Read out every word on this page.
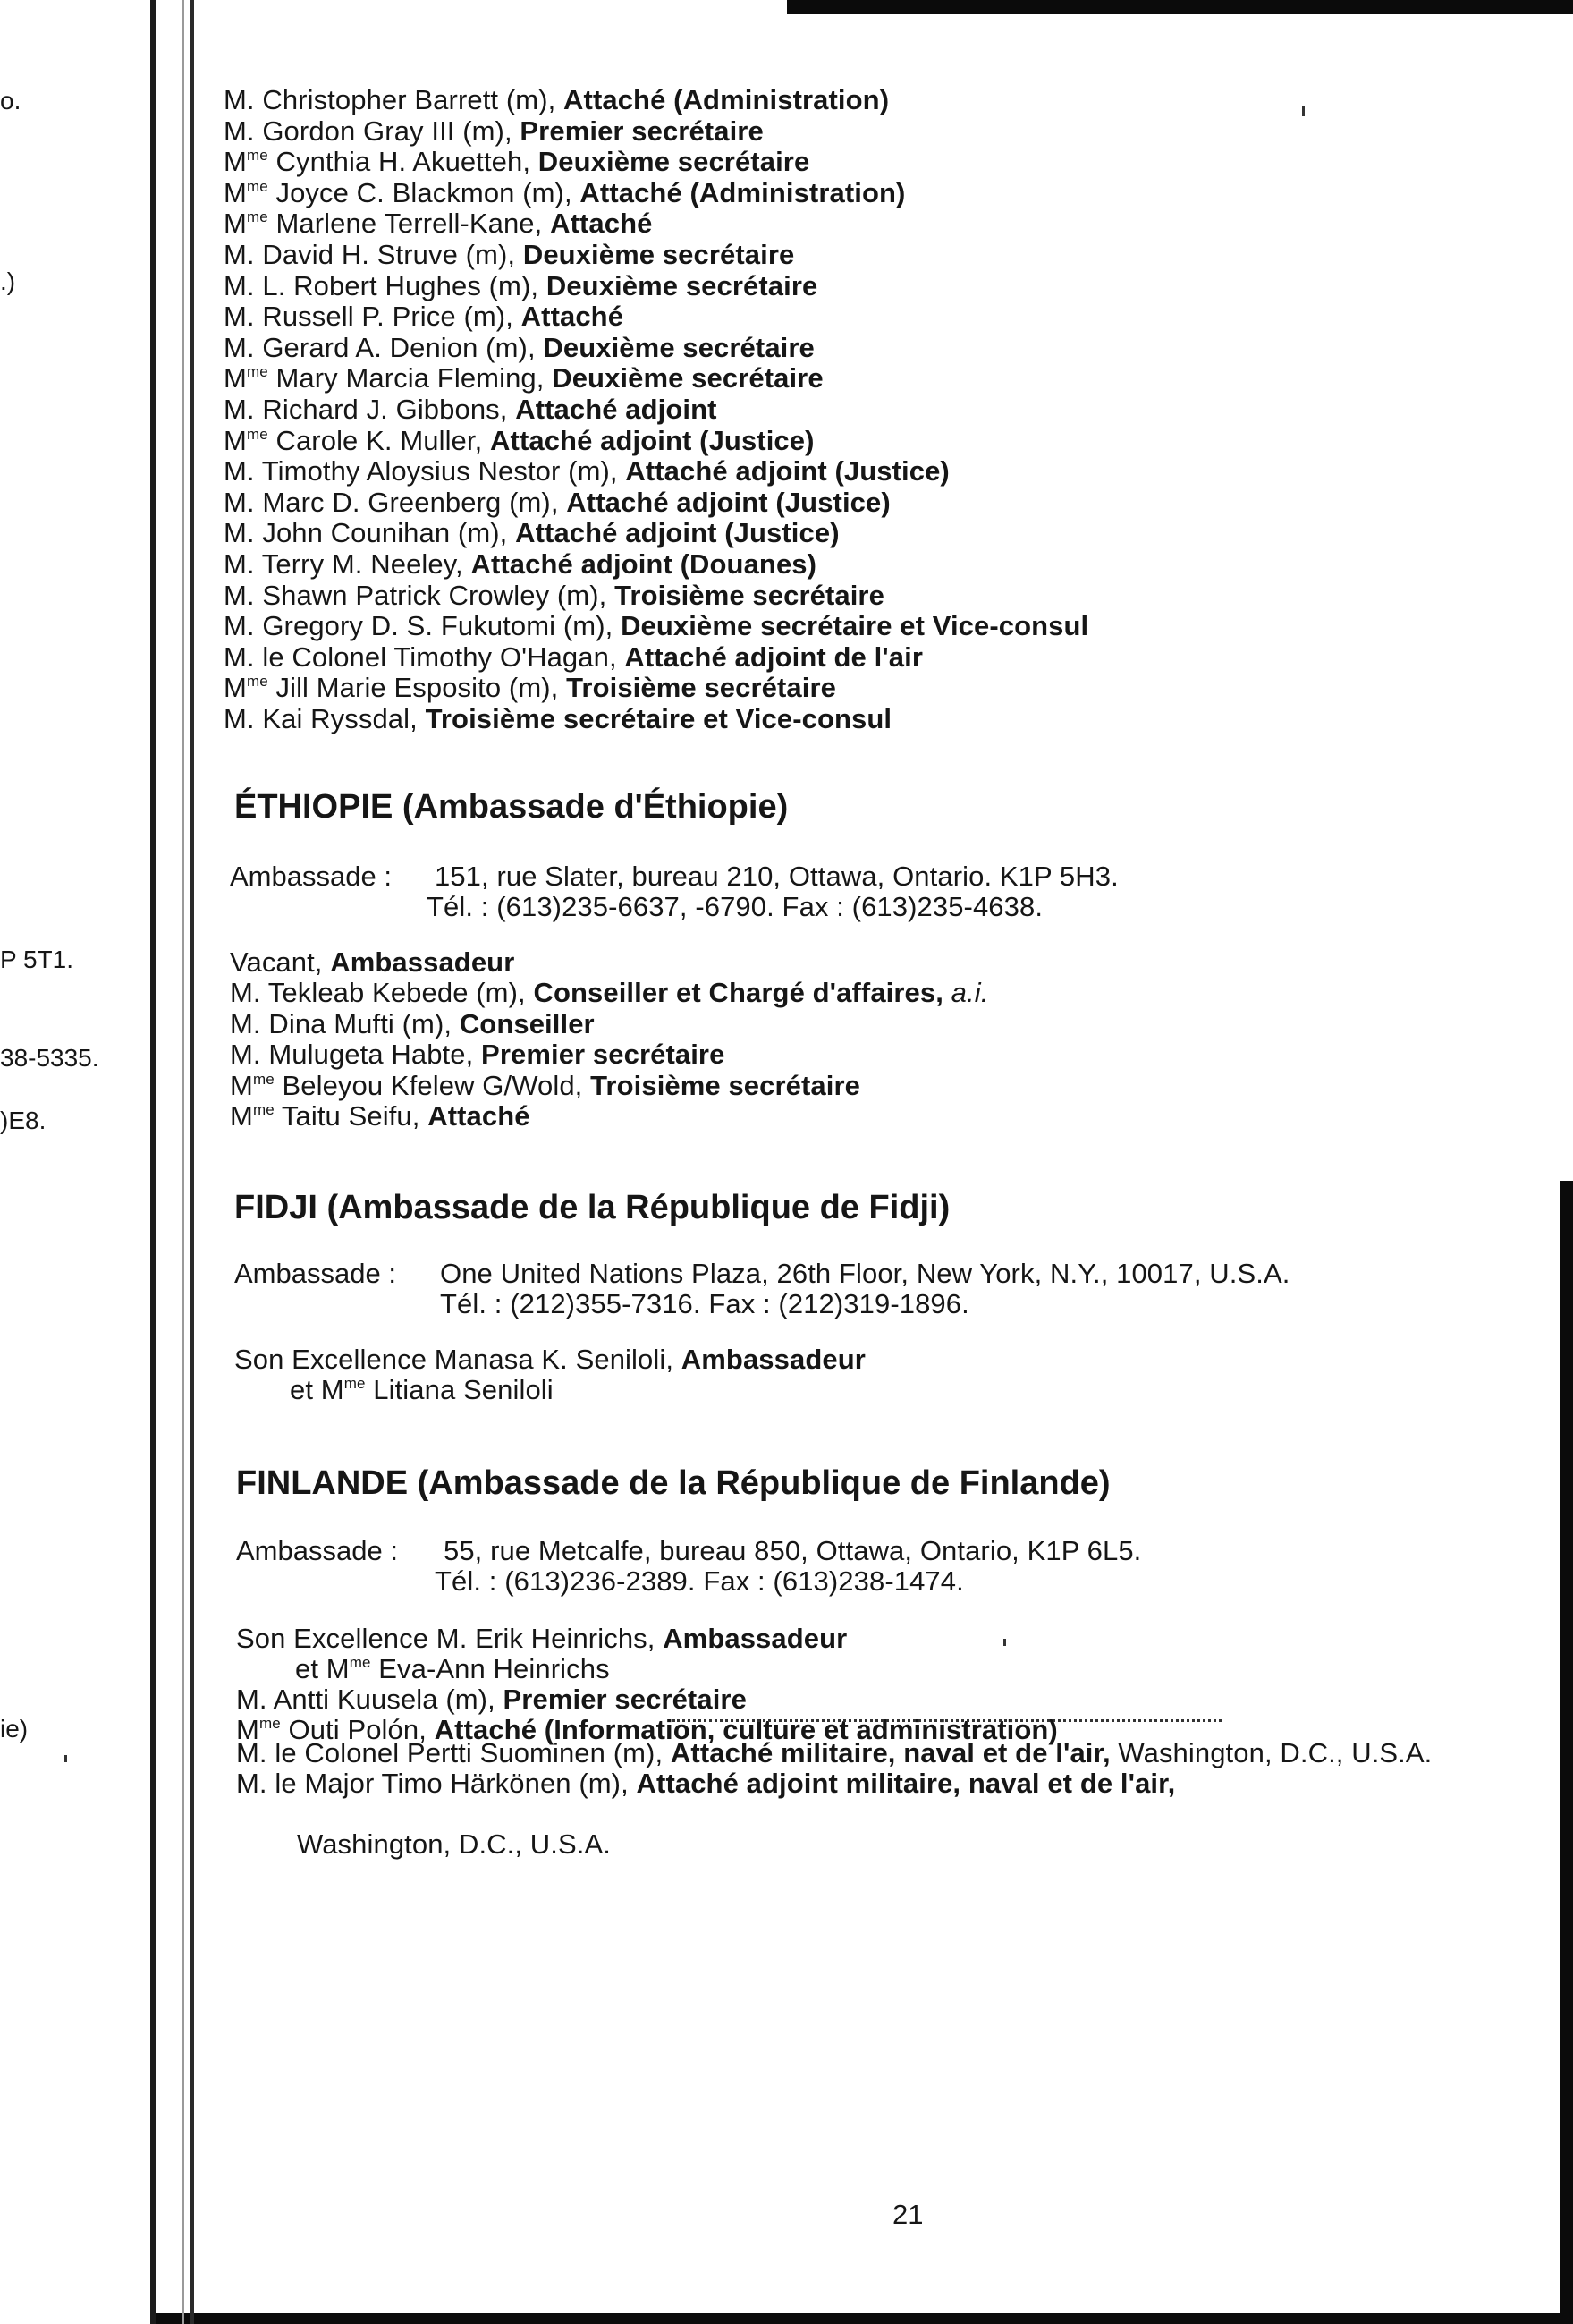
o.
.)
P 5T1.
38-5335.
)E8.
ie)
M. Christopher Barrett (m), Attaché (Administration)
M. Gordon Gray III (m), Premier secrétaire
$M^{me}$ Cynthia H. Akuetteh, Deuxième secrétaire
$M^{me}$ Joyce C. Blackmon (m), Attaché (Administration)
$M^{me}$ Marlene Terrell-Kane, Attaché
M. David H. Struve (m), Deuxième secrétaire
M. L. Robert Hughes (m), Deuxième secrétaire
M. Russell P. Price (m), Attaché
M. Gerard A. Denion (m), Deuxième secrétaire
$M^{me}$ Mary Marcia Fleming, Deuxième secrétaire
M. Richard J. Gibbons, Attaché adjoint
$M^{me}$ Carole K. Muller, Attaché adjoint (Justice)
M. Timothy Aloysius Nestor (m), Attaché adjoint (Justice)
M. Marc D. Greenberg (m), Attaché adjoint (Justice)
M. John Counihan (m), Attaché adjoint (Justice)
M. Terry M. Neeley, Attaché adjoint (Douanes)
M. Shawn Patrick Crowley (m), Troisième secrétaire
M. Gregory D. S. Fukutomi (m), Deuxième secrétaire et Vice-consul
M. le Colonel Timothy O'Hagan, Attaché adjoint de l'air
$M^{me}$ Jill Marie Esposito (m), Troisième secrétaire
M. Kai Ryssdal, Troisième secrétaire et Vice-consul
ÉTHIOPIE (Ambassade d'Éthiopie)
Ambassade : 151, rue Slater, bureau 210, Ottawa, Ontario. K1P 5H3.
Tél. : (613)235-6637, -6790. Fax : (613)235-4638.
Vacant, Ambassadeur
M. Tekleab Kebede (m), Conseiller et Chargé d'affaires, a.i.
M. Dina Mufti (m), Conseiller
M. Mulugeta Habte, Premier secrétaire
$M^{me}$ Beleyou Kfelew G/Wold, Troisième secrétaire
$M^{me}$ Taitu Seifu, Attaché
FIDJI (Ambassade de la République de Fidji)
Ambassade : One United Nations Plaza, 26th Floor, New York, N.Y., 10017, U.S.A.
Tél. : (212)355-7316. Fax : (212)319-1896.
Son Excellence Manasa K. Seniloli, Ambassadeur
et $M^{me}$ Litiana Seniloli
FINLANDE (Ambassade de la République de Finlande)
Ambassade : 55, rue Metcalfe, bureau 850, Ottawa, Ontario, K1P 6L5.
Tél. : (613)236-2389. Fax : (613)238-1474.
Son Excellence M. Erik Heinrichs, Ambassadeur
et $M^{me}$ Eva-Ann Heinrichs
M. Antti Kuusela (m), Premier secrétaire
$M^{me}$ Outi Polón, Attaché (Information, culture et administration)
M. le Colonel Pertti Suominen (m), Attaché militaire, naval et de l'air, Washington, D.C., U.S.A.
M. le Major Timo Härkönen (m), Attaché adjoint militaire, naval et de l'air,
Washington, D.C., U.S.A.
21
